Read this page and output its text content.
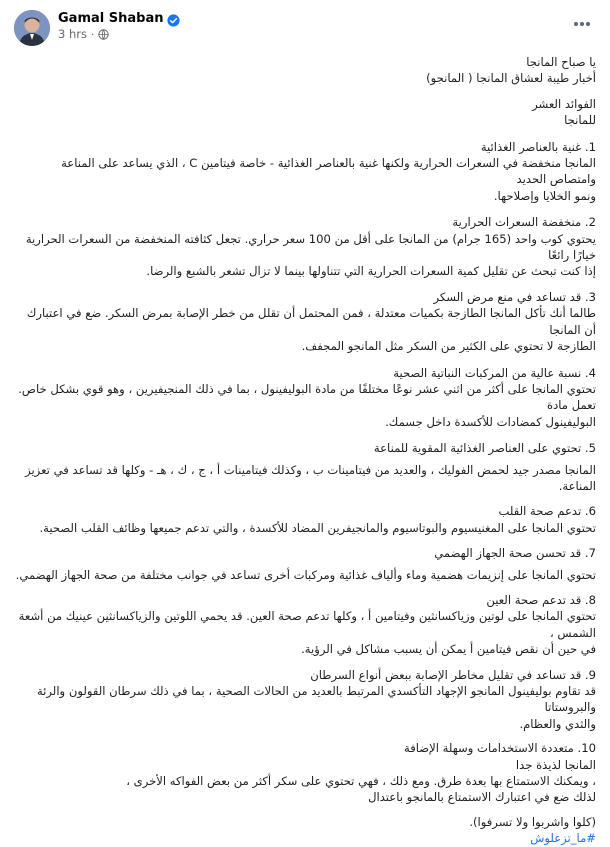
Gamal Shaban
3 hrs ·

يا صباح المانجا

أخبار طيبة لعشاق المانجا ( المانجو)

الفوائد العشر

للمانجا

1. غنية بالعناصر الغذائية

المانجا منخفضة في السعرات الحرارية ولكنها غنية بالعناصر الغذائية - خاصة فيتامين C ، الذي يساعد على المناعة وامتصاص الحديد

ونمو الخلايا وإصلاحها.

2. منخفضة السعرات الحرارية

يحتوي كوب واحد (165 جرام) من المانجا على أقل من 100 سعر حراري. تجعل كثافته المنخفضة من السعرات الحرارية خيارًا رائعًا

إذا كنت تبحث عن تقليل كمية السعرات الحرارية التي تتناولها بينما لا تزال تشعر بالشبع والرضا.

3. قد تساعد في منع مرض السكر

طالما أنك تأكل المانجا الطازجة بكميات معتدلة ، فمن المحتمل أن تقلل من خطر الإصابة بمرض السكر. ضع في اعتبارك أن المانجا

الطازجة لا تحتوي على الكثير من السكر مثل المانجو المجفف.

4. نسبة عالية من المركبات النباتية الصحية

تحتوي المانجا على أكثر من اثني عشر نوعًا مختلفًا من مادة البوليفينول ، بما في ذلك المنجيفيرين ، وهو قوي بشكل خاص. تعمل مادة

البوليفينول كمضادات للأكسدة داخل جسمك.

5. تحتوي على العناصر الغذائية المقوية للمناعة

المانجا مصدر جيد لحمض الفوليك ، والعديد من فيتامينات ب ، وكذلك فيتامينات أ ، ج ، ك ، هـ - وكلها قد تساعد في تعزيز المناعة.

6. تدعم صحة القلب

تحتوي المانجا على المغنيسيوم والبوتاسيوم والمانجيفرين المضاد للأكسدة ، والتي تدعم جميعها وظائف القلب الصحية.

7. قد تحسن صحة الجهاز الهضمي

تحتوي المانجا على إنزيمات هضمية وماء وألياف غذائية ومركبات أخرى تساعد في جوانب مختلفة من صحة الجهاز الهضمي.

8. قد تدعم صحة العين

تحتوي المانجا على لوتين وزياكسانثين وفيتامين أ ، وكلها تدعم صحة العين. قد يحمي اللوتين والزياكسانثين عينيك من أشعة الشمس ،

في حين أن نقص فيتامين أ يمكن أن يسبب مشاكل في الرؤية.

9. قد تساعد في تقليل مخاطر الإصابة ببعض أنواع السرطان

قد تقاوم بوليفينول المانجو الإجهاد التأكسدي المرتبط بالعديد من الحالات الصحية ، بما في ذلك سرطان القولون والرئة والبروستاتا

والثدي والعظام.

10. متعددة الاستخدامات وسهلة الإضافة

المانجا لذيذة جدا

، ويمكنك الاستمتاع بها بعدة طرق. ومع ذلك ، فهي تحتوي على سكر أكثر من بعض الفواكه الأخرى ،

لذلك ضع في اعتبارك الاستمتاع بالمانجو باعتدال

(كلوا واشربوا ولا تسرفوا).

#ما_تزعلوش
